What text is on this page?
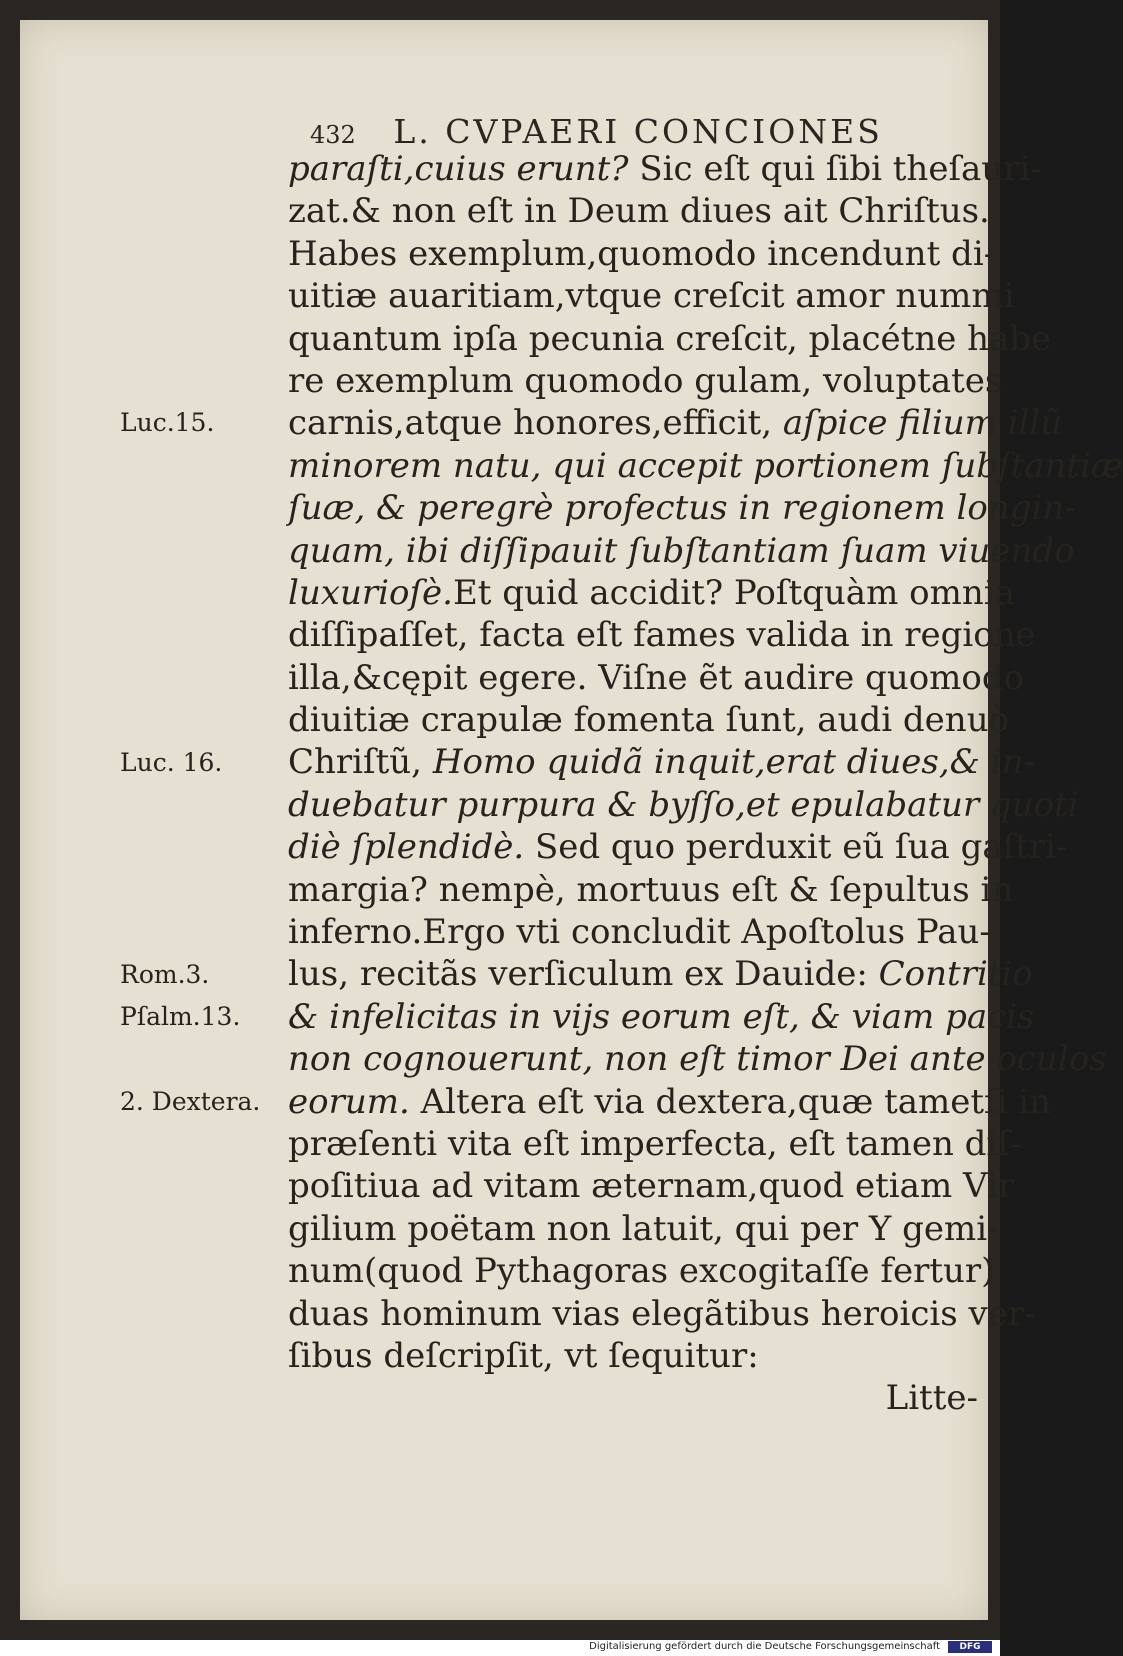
432 L. CVPAERI CONCIONES
Luc.15.
Luc. 16.
Rom.3.
Pſalm.13.
2. Dextera.
paraſti,cuius erunt? Sic eſt qui ſibi theſauri-
zat.& non eſt in Deum diues ait Chriſtus.
Habes exemplum,quomodo incendunt di-
uitiæ auaritiam,vtque creſcit amor nummi
quantum ipſa pecunia creſcit, placétne habe
re exemplum quomodo gulam, voluptates
carnis,atque honores,efficit, aſpice filium illũ
minorem natu, qui accepit portionem ſubſtantiæ
ſuæ, & peregrè profectus in regionem longin-
quam, ibi diſſipauit ſubſtantiam ſuam viuendo
luxurioſè.Et quid accidit? Poſtquàm omnia
diſſipaſſet, facta eſt fames valida in regione
illa,&cępit egere. Viſne ẽt audire quomodo
diuitiæ crapulæ fomenta ſunt, audi denuò
Chriſtũ, Homo quidã inquit,erat diues,& in-
duebatur purpura & byſſo,et epulabatur quoti
diè ſplendidè. Sed quo perduxit eũ ſua gaſtri-
margia? nempè, mortuus eſt & ſepultus in
inferno.Ergo vti concludit Apoſtolus Pau-
lus, recitãs verſiculum ex Dauide: Contritio
& infelicitas in vijs eorum eſt, & viam pacis
non cognouerunt, non eſt timor Dei ante oculos
eorum. Altera eſt via dextera,quæ tametſi in
præſenti vita eſt imperfecta, eſt tamen diſ-
poſitiua ad vitam æternam,quod etiam Vir
gilium poëtam non latuit, qui per Y gemi-
num(quod Pythagoras excogitaſſe fertur)
duas hominum vias elegãtibus heroicis ver-
ſibus deſcripſit, vt ſequitur:
Litte-
Digitalisierung gefördert durch die Deutsche Forschungsgemeinschaft	DFG
